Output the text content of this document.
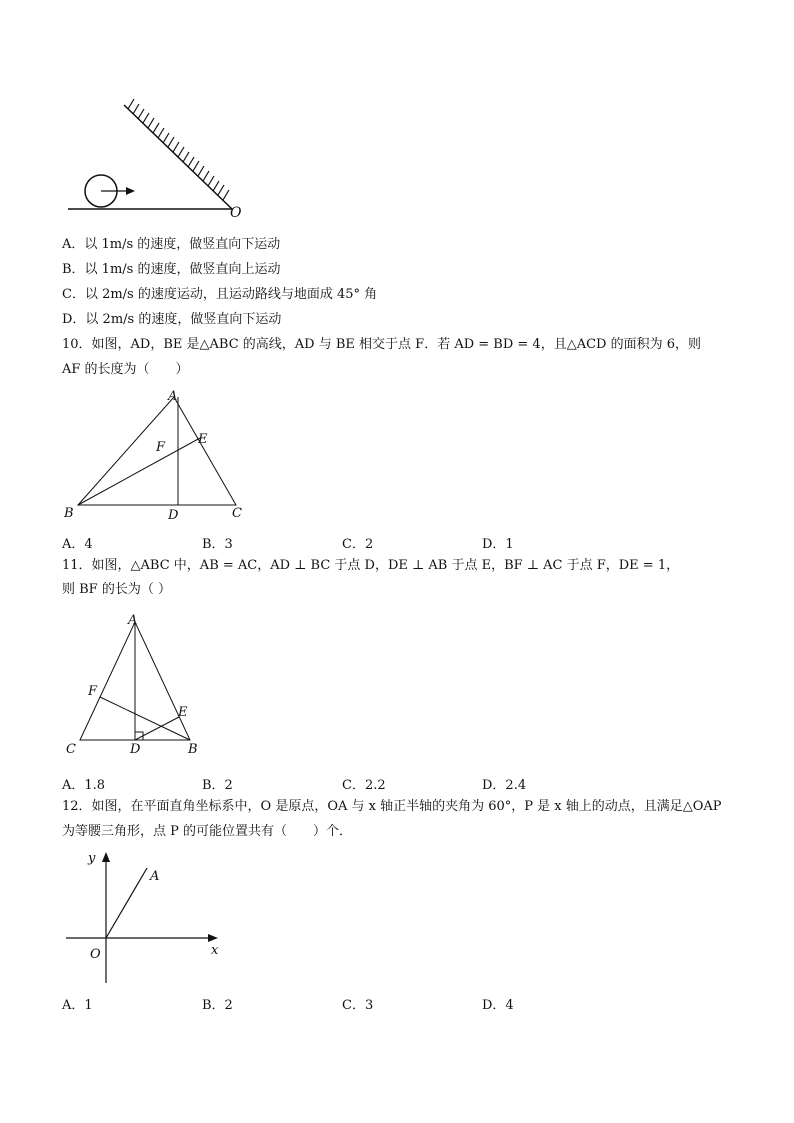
O
A．以 1m/s 的速度，做竖直向下运动
B．以 1m/s 的速度，做竖直向上运动
C．以 2m/s 的速度运动，且运动路线与地面成 45° 角
D．以 2m/s 的速度，做竖直向下运动
10．如图，AD，BE 是△ABC 的高线，AD 与 BE 相交于点 F．若 AD = BD = 4，且△ACD 的面积为 6，则
AF 的长度为（　　）
A
B	C
D
E
F
A．4	B．3	C．2	D．1
11．如图，△ABC 中，AB = AC，AD ⊥ BC 于点 D，DE ⊥ AB 于点 E，BF ⊥ AC 于点 F，DE = 1，
则 BF 的长为（ ）
A
B
C	D
E
F
A．1.8	B．2	C．2.2	D．2.4
12．如图，在平面直角坐标系中，O 是原点，OA 与 x 轴正半轴的夹角为 60°，P 是 x 轴上的动点，且满足△OAP
为等腰三角形，点 P 的可能位置共有（　　）个．
y
x
O
A
A．1	B．2	C．3	D．4
